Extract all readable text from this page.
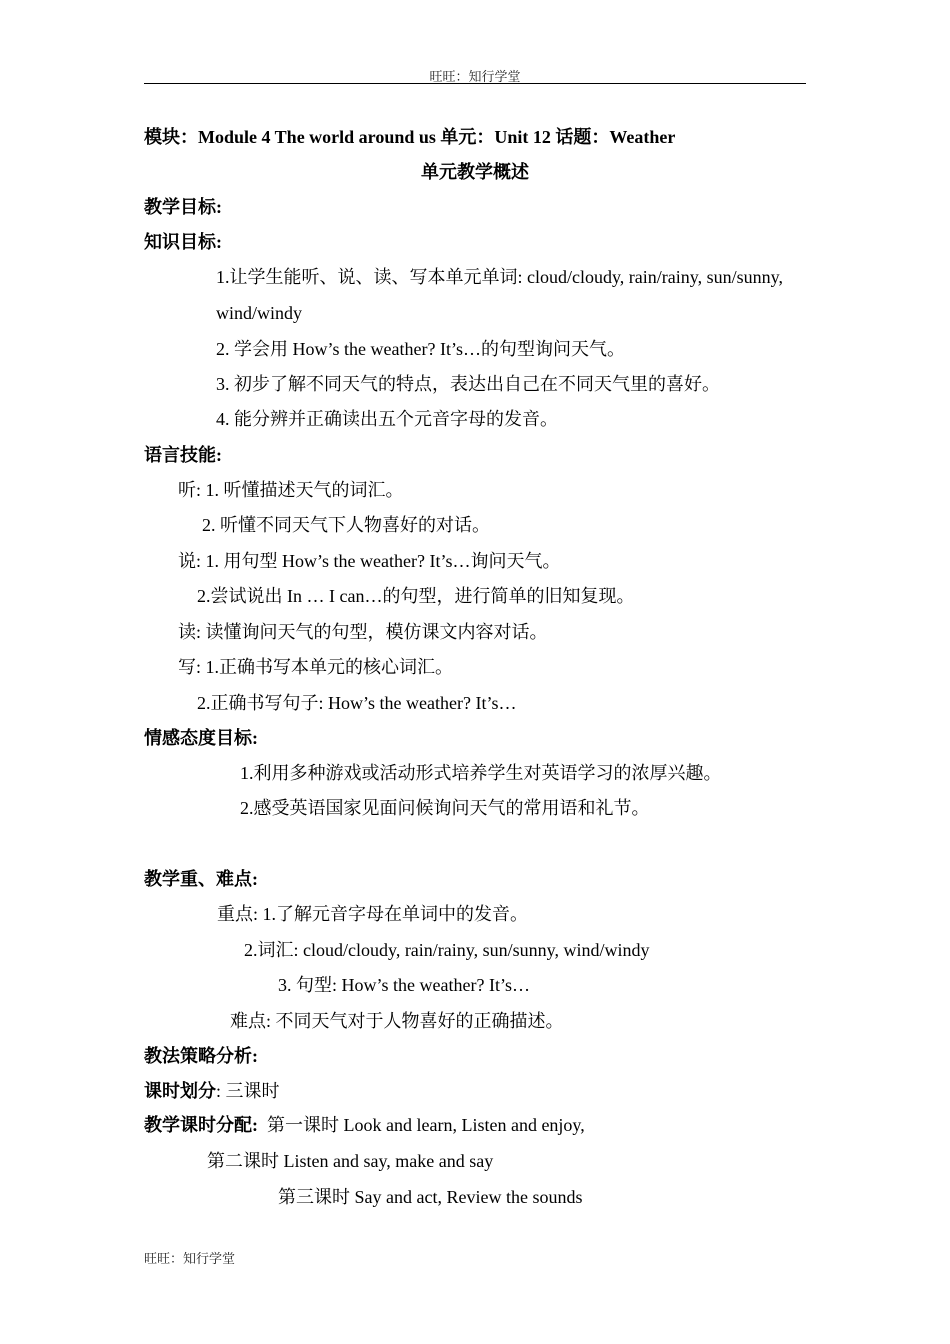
旺旺：知行学堂
模块：Module 4 The world around us 单元：Unit 12 话题：Weather
单元教学概述
教学目标:
知识目标:
1.让学生能听、说、读、写本单元单词: cloud/cloudy, rain/rainy, sun/sunny,
wind/windy
2. 学会用 How’s the weather? It’s…的句型询问天气。
3. 初步了解不同天气的特点，表达出自己在不同天气里的喜好。
4. 能分辨并正确读出五个元音字母的发音。
语言技能:
听: 1. 听懂描述天气的词汇。
2. 听懂不同天气下人物喜好的对话。
说: 1. 用句型 How’s the weather? It’s…询问天气。
2.尝试说出 In … I can…的句型，进行简单的旧知复现。
读: 读懂询问天气的句型，模仿课文内容对话。
写: 1.正确书写本单元的核心词汇。
2.正确书写句子: How’s the weather? It’s…
情感态度目标:
1.利用多种游戏或活动形式培养学生对英语学习的浓厚兴趣。
2.感受英语国家见面问候询问天气的常用语和礼节。
教学重、难点:
重点: 1.了解元音字母在单词中的发音。
2.词汇: cloud/cloudy, rain/rainy, sun/sunny, wind/windy
3. 句型: How’s the weather? It’s…
难点: 不同天气对于人物喜好的正确描述。
教法策略分析:
课时划分: 三课时
教学课时分配:  第一课时 Look and learn, Listen and enjoy,
第二课时 Listen and say, make and say
第三课时 Say and act, Review the sounds
旺旺：知行学堂
